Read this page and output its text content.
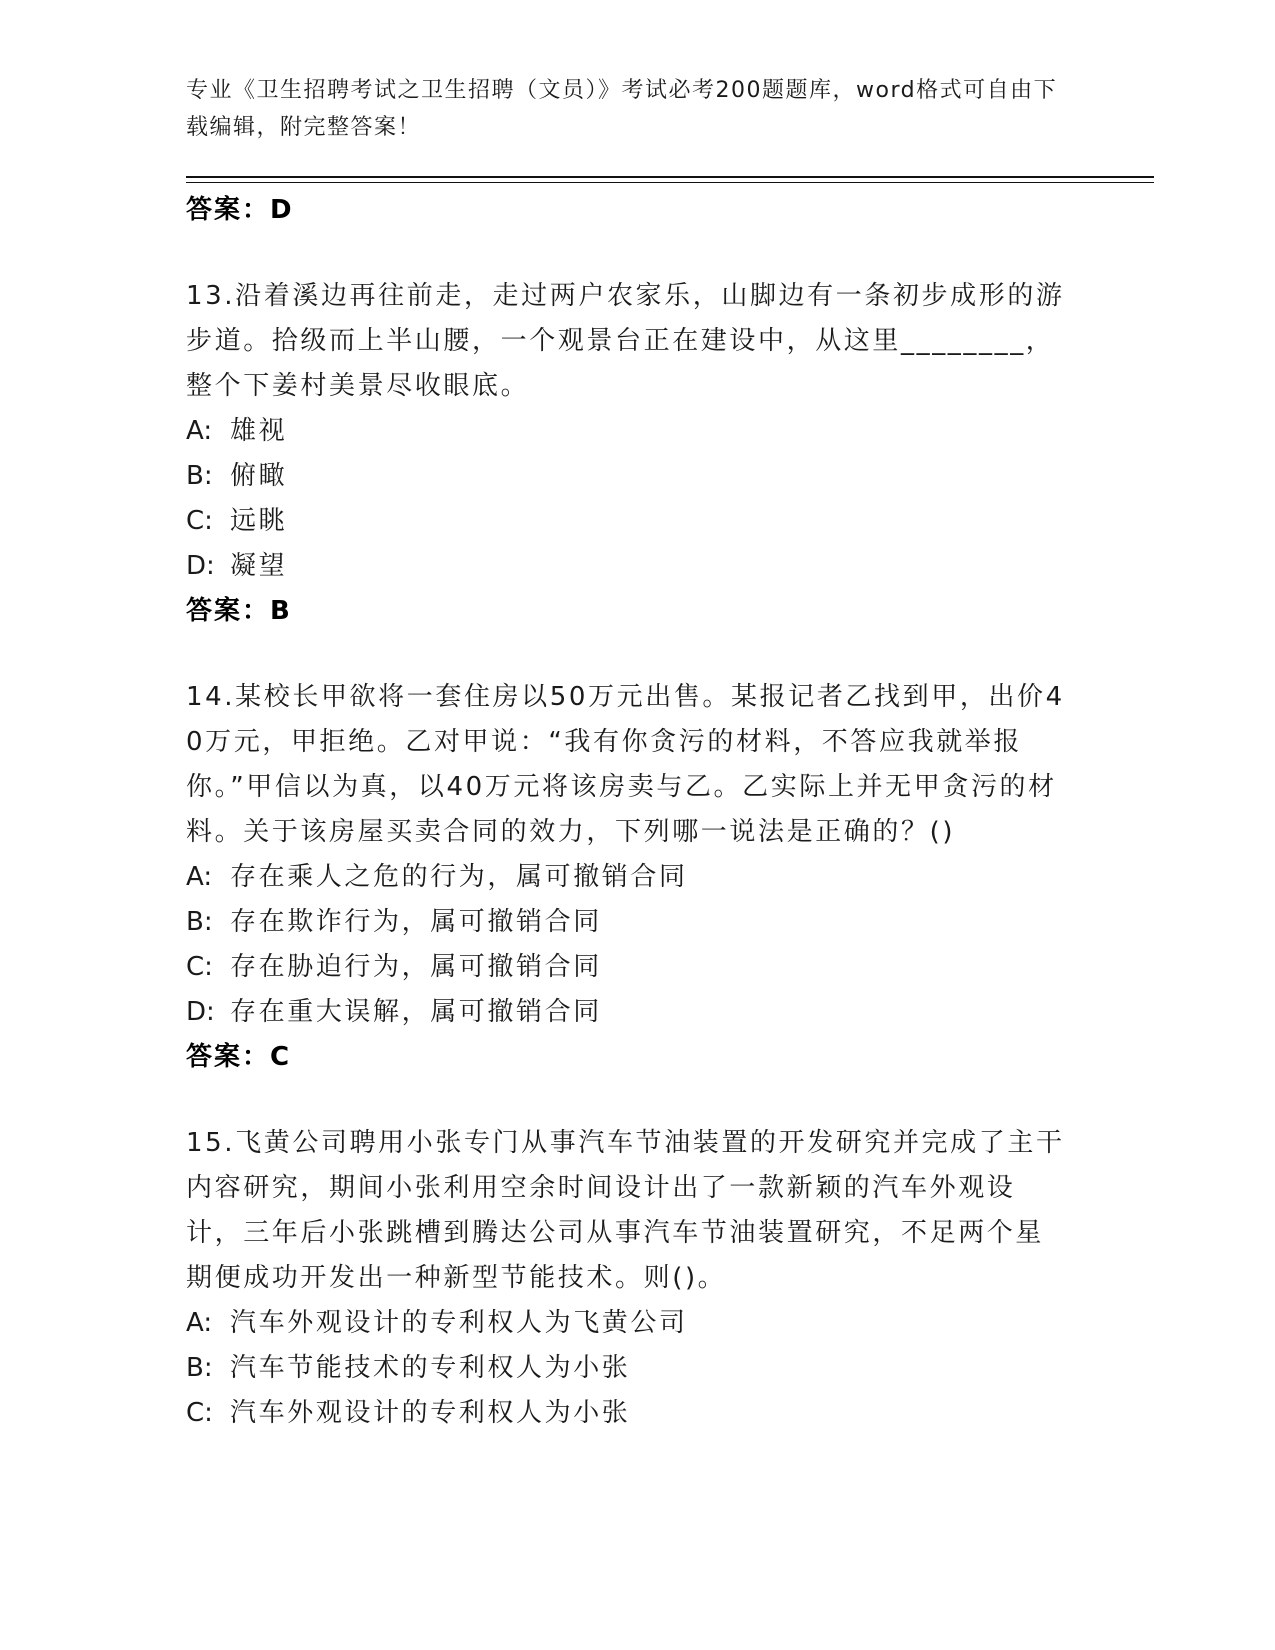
专业《卫生招聘考试之卫生招聘（文员）》考试必考200题题库，word格式可自由下载编辑，附完整答案！
答案：D
13.沿着溪边再往前走，走过两户农家乐，山脚边有一条初步成形的游步道。拾级而上半山腰，一个观景台正在建设中，从这里________，整个下姜村美景尽收眼底。
A: 雄视
B: 俯瞰
C: 远眺
D: 凝望
答案：B
14.某校长甲欲将一套住房以50万元出售。某报记者乙找到甲，出价40万元，甲拒绝。乙对甲说：“我有你贪污的材料，不答应我就举报你。”甲信以为真，以40万元将该房卖与乙。乙实际上并无甲贪污的材料。关于该房屋买卖合同的效力，下列哪一说法是正确的？()
A: 存在乘人之危的行为，属可撤销合同
B: 存在欺诈行为，属可撤销合同
C: 存在胁迫行为，属可撤销合同
D: 存在重大误解，属可撤销合同
答案：C
15.飞黄公司聘用小张专门从事汽车节油装置的开发研究并完成了主干内容研究，期间小张利用空余时间设计出了一款新颖的汽车外观设计，三年后小张跳槽到腾达公司从事汽车节油装置研究，不足两个星期便成功开发出一种新型节能技术。则()。
A: 汽车外观设计的专利权人为飞黄公司
B: 汽车节能技术的专利权人为小张
C: 汽车外观设计的专利权人为小张
